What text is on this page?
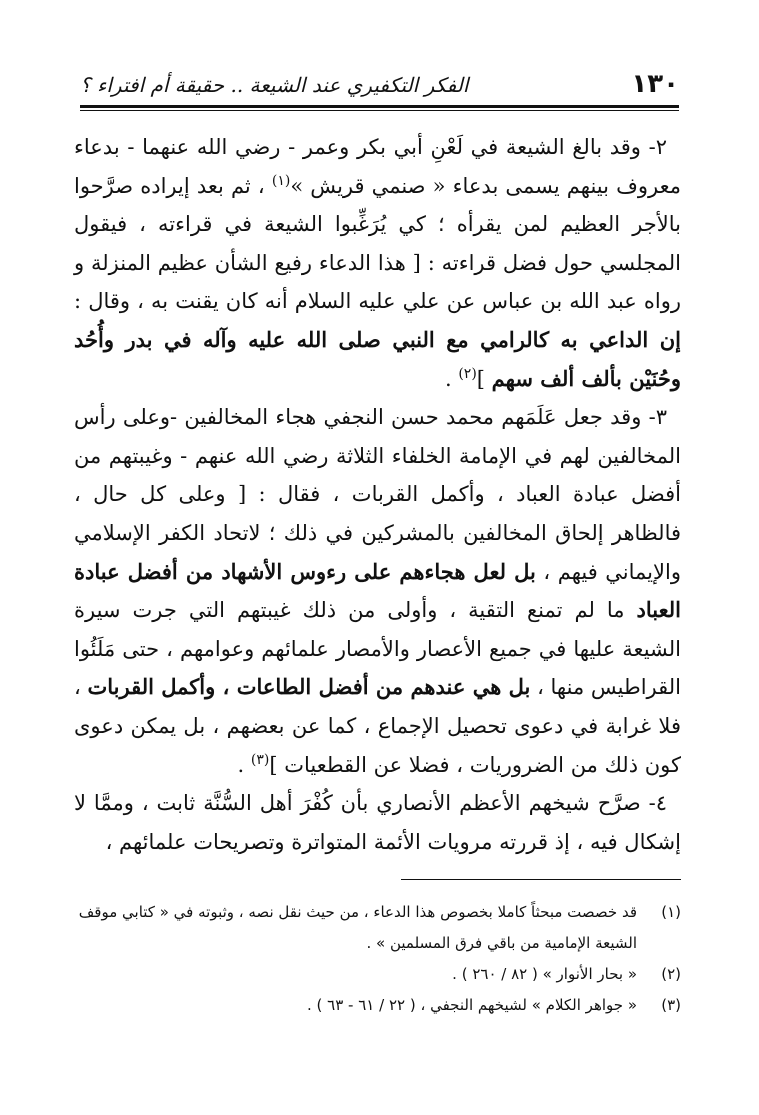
١٣٠
الفكر التكفيري عند الشيعة .. حقيقة أم افتراء ؟

٢- وقد بالغ الشيعة في لَعْنِ أبي بكر وعمر - رضي الله عنهما - بدعاء معروف بينهم يسمى بدعاء « صنمي قريش »$^{(١)}$ ، ثم بعد إيراده صرَّحوا بالأجر العظيم لمن يقرأه ؛ كي يُرَغِّبوا الشيعة في قراءته ، فيقول المجلسي حول فضل قراءته : [ هذا الدعاء رفيع الشأن عظيم المنزلة و رواه عبد الله بن عباس عن علي عليه السلام أنه كان يقنت به ، وقال : إن الداعي به كالرامي مع النبي صلى الله عليه وآله في بدر وأُحُد وحُنَيْن بألف ألف سهم ]$^{(٢)}$ .

٣- وقد جعل عَلَمَهم محمد حسن النجفي هجاء المخالفين -وعلى رأس المخالفين لهم في الإمامة الخلفاء الثلاثة رضي الله عنهم - وغيبتهم من أفضل عبادة العباد ، وأكمل القربات ، فقال : [ وعلى كل حال ، فالظاهر إلحاق المخالفين بالمشركين في ذلك ؛ لاتحاد الكفر الإسلامي والإيماني فيهم ، بل لعل هجاءهم على رءوس الأشهاد من أفضل عبادة العباد ما لم تمنع التقية ، وأولى من ذلك غيبتهم التي جرت سيرة الشيعة عليها في جميع الأعصار والأمصار علمائهم وعوامهم ، حتى مَلَئُوا القراطيس منها ، بل هي عندهم من أفضل الطاعات ، وأكمل القربات ، فلا غرابة في دعوى تحصيل الإجماع ، كما عن بعضهم ، بل يمكن دعوى كون ذلك من الضروريات ، فضلا عن القطعيات ]$^{(٣)}$ .

٤- صرَّح شيخهم الأعظم الأنصاري بأن كُفْرَ أهل السُّنَّة ثابت ، وممَّا لا إشكال فيه ، إذ قررته مرويات الأئمة المتواترة وتصريحات علمائهم ،

(١)
قد خصصت مبحثاً كاملا بخصوص هذا الدعاء ، من حيث نقل نصه ، وثبوته في « كتابي موقف الشيعة الإمامية من باقي فرق المسلمين » .
(٢)
« بحار الأنوار » ( ٨٢ / ٢٦٠ ) .
(٣)
« جواهر الكلام » لشيخهم النجفي ، ( ٢٢ / ٦١ - ٦٣ ) .
